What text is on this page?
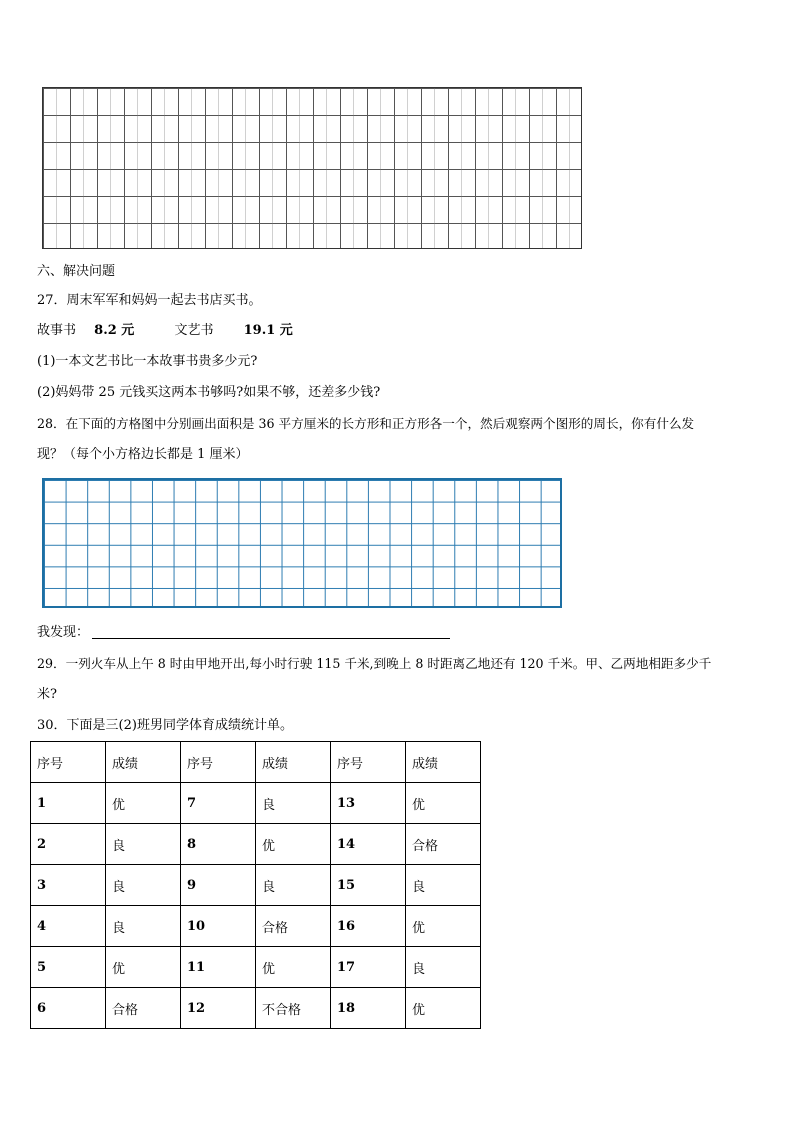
六、解决问题
27．周末军军和妈妈一起去书店买书。
故事书 8.2 元	文艺书 19.1 元
(1)一本文艺书比一本故事书贵多少元?
(2)妈妈带 25 元钱买这两本书够吗?如果不够，还差多少钱?
28．在下面的方格图中分别画出面积是 36 平方厘米的长方形和正方形各一个，然后观察两个图形的周长，你有什么发
现？（每个小方格边长都是 1 厘米）
我发现：
29．一列火车从上午 8 时由甲地开出,每小时行驶 115 千米,到晚上 8 时距离乙地还有 120 千米。甲、乙两地相距多少千
米?
30．下面是三(2)班男同学体育成绩统计单。
序号	成绩	序号	成绩	序号	成绩
1	优	7	良	13	优
2	良	8	优	14	合格
3	良	9	良	15	良
4	良	10	合格	16	优
5	优	11	优	17	良
6	合格	12	不合格	18	优
